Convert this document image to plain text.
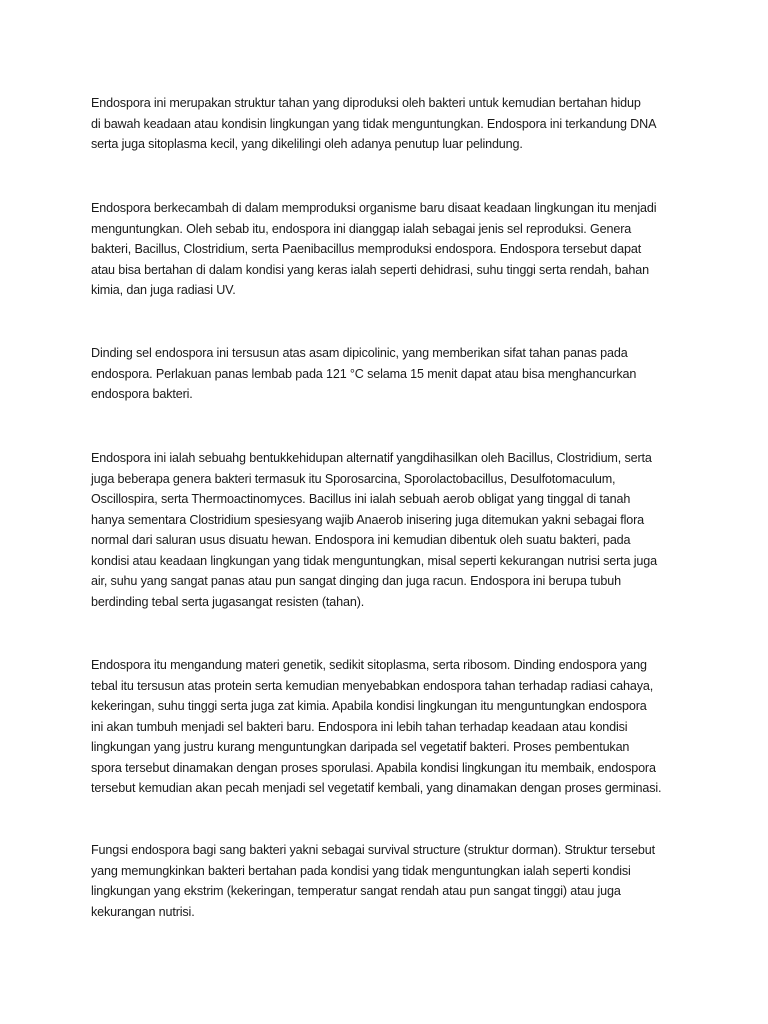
Endospora ini merupakan struktur tahan yang diproduksi oleh bakteri untuk kemudian bertahan hidup
di bawah keadaan atau kondisin lingkungan yang tidak menguntungkan. Endospora ini terkandung DNA
serta juga sitoplasma kecil, yang dikelilingi oleh adanya penutup luar pelindung.

Endospora berkecambah di dalam memproduksi organisme baru disaat keadaan lingkungan itu menjadi
menguntungkan. Oleh sebab itu, endospora ini dianggap ialah sebagai jenis sel reproduksi. Genera
bakteri, Bacillus, Clostridium, serta Paenibacillus memproduksi endospora. Endospora tersebut dapat
atau bisa bertahan di dalam kondisi yang keras ialah seperti dehidrasi, suhu tinggi serta rendah, bahan
kimia, dan juga radiasi UV.

Dinding sel endospora ini tersusun atas asam dipicolinic, yang memberikan sifat tahan panas pada
endospora. Perlakuan panas lembab pada 121 °C selama 15 menit dapat atau bisa menghancurkan
endospora bakteri.

Endospora ini ialah sebuahg bentukkehidupan alternatif yangdihasilkan oleh Bacillus, Clostridium, serta
juga beberapa genera bakteri termasuk itu Sporosarcina, Sporolactobacillus, Desulfotomaculum,
Oscillospira, serta Thermoactinomyces. Bacillus ini ialah sebuah aerob obligat yang tinggal di tanah
hanya sementara Clostridium spesiesyang wajib Anaerob inisering juga ditemukan yakni sebagai flora
normal dari saluran usus disuatu hewan. Endospora ini kemudian dibentuk oleh suatu bakteri, pada
kondisi atau keadaan lingkungan yang tidak menguntungkan, misal seperti kekurangan nutrisi serta juga
air, suhu yang sangat panas atau pun sangat dinging dan juga racun. Endospora ini berupa tubuh
berdinding tebal serta jugasangat resisten (tahan).

Endospora itu mengandung materi genetik, sedikit sitoplasma, serta ribosom. Dinding endospora yang
tebal itu tersusun atas protein serta kemudian menyebabkan endospora tahan terhadap radiasi cahaya,
kekeringan, suhu tinggi serta juga zat kimia. Apabila kondisi lingkungan itu menguntungkan endospora
ini akan tumbuh menjadi sel bakteri baru. Endospora ini lebih tahan terhadap keadaan atau kondisi
lingkungan yang justru kurang menguntungkan daripada sel vegetatif bakteri. Proses pembentukan
spora tersebut dinamakan dengan proses sporulasi. Apabila kondisi lingkungan itu membaik, endospora
tersebut kemudian akan pecah menjadi sel vegetatif kembali, yang dinamakan dengan proses germinasi.

Fungsi endospora bagi sang bakteri yakni sebagai survival structure (struktur dorman). Struktur tersebut
yang memungkinkan bakteri bertahan pada kondisi yang tidak menguntungkan ialah seperti kondisi
lingkungan yang ekstrim (kekeringan, temperatur sangat rendah atau pun sangat tinggi) atau juga
kekurangan nutrisi.
